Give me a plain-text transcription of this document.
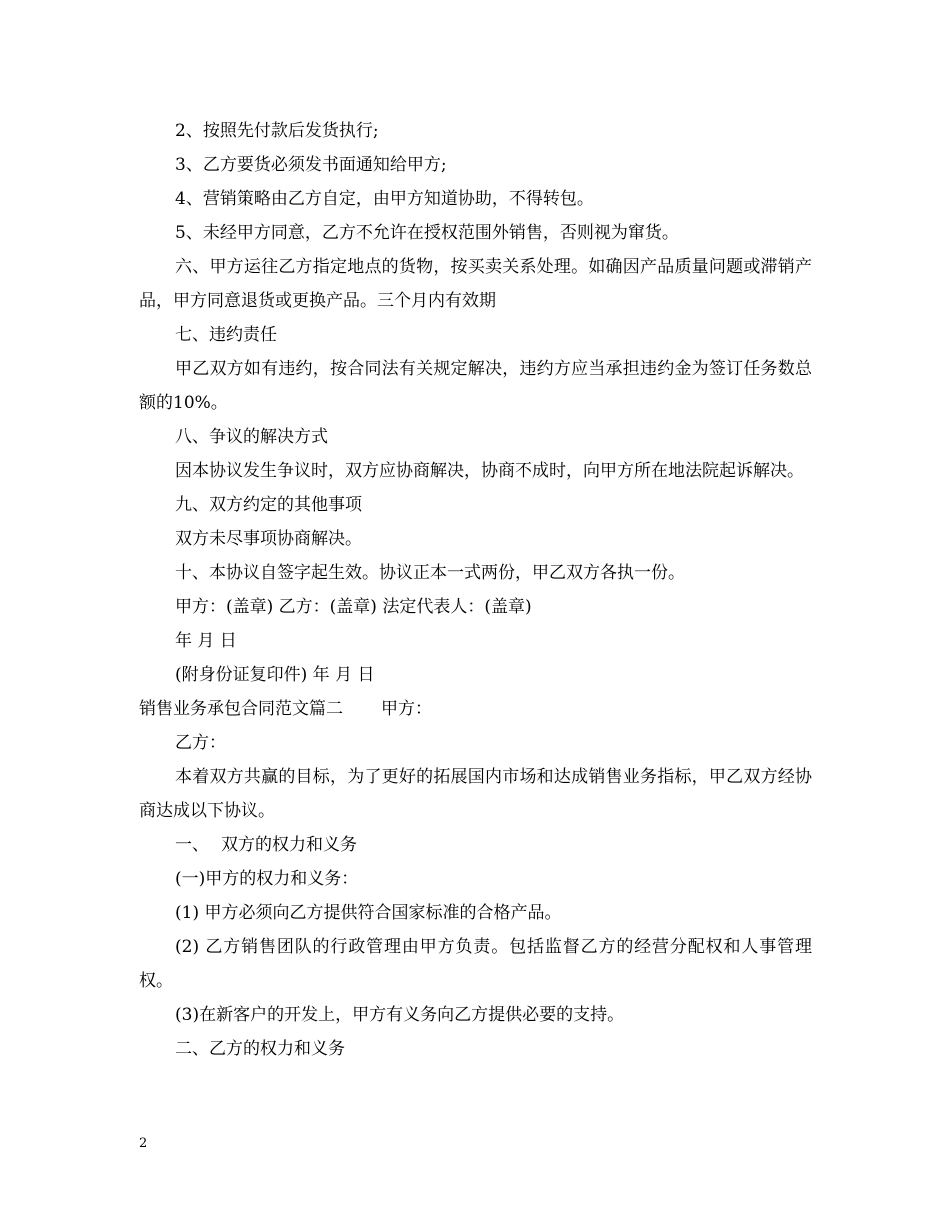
2、按照先付款后发货执行;

3、乙方要货必须发书面通知给甲方;

4、营销策略由乙方自定，由甲方知道协助，不得转包。

5、未经甲方同意，乙方不允许在授权范围外销售，否则视为窜货。

六、甲方运往乙方指定地点的货物，按买卖关系处理。如确因产品质量问题或滞销产品，甲方同意退货或更换产品。三个月内有效期

七、违约责任

甲乙双方如有违约，按合同法有关规定解决，违约方应当承担违约金为签订任务数总额的10%。

八、争议的解决方式

因本协议发生争议时，双方应协商解决，协商不成时，向甲方所在地法院起诉解决。

九、双方约定的其他事项

双方未尽事项协商解决。

十、本协议自签字起生效。协议正本一式两份，甲乙双方各执一份。

甲方：(盖章) 乙方：(盖章) 法定代表人：(盖章)

年 月 日

(附身份证复印件) 年 月 日

销售业务承包合同范文篇二 甲方：

乙方：

本着双方共赢的目标，为了更好的拓展国内市场和达成销售业务指标，甲乙双方经协商达成以下协议。

一、 双方的权力和义务

(一)甲方的权力和义务：

(1) 甲方必须向乙方提供符合国家标准的合格产品。

(2) 乙方销售团队的行政管理由甲方负责。包括监督乙方的经营分配权和人事管理权。

(3)在新客户的开发上，甲方有义务向乙方提供必要的支持。

二、乙方的权力和义务

2
